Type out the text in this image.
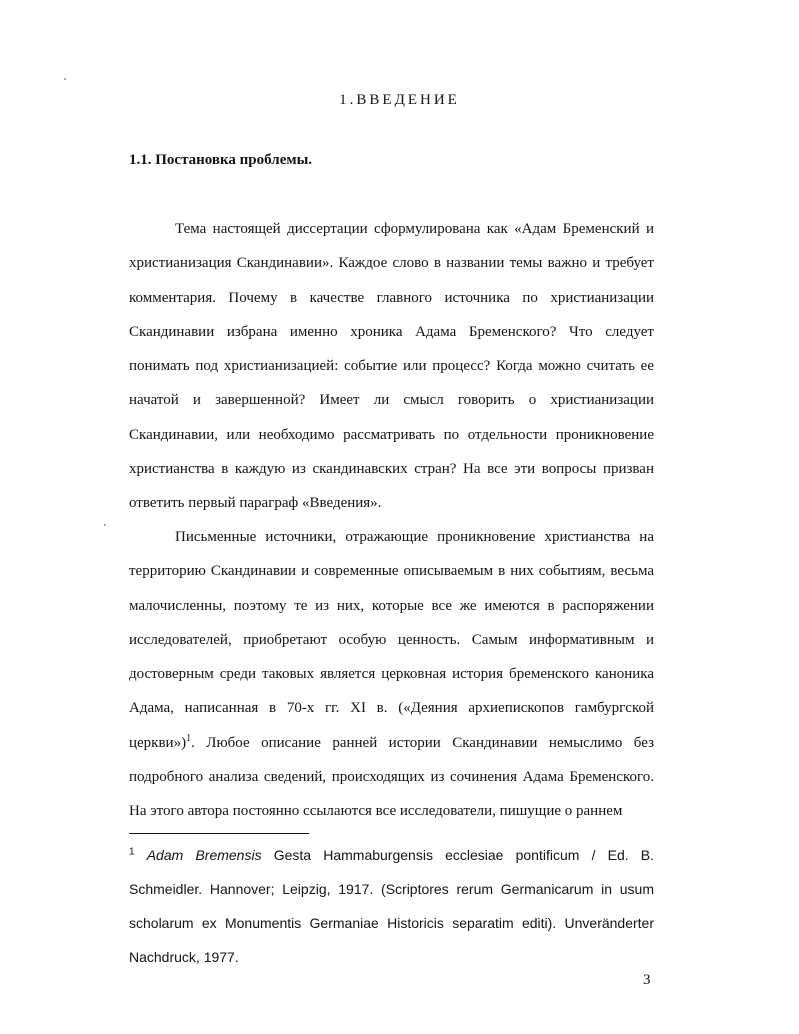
1.ВВЕДЕНИЕ
1.1. Постановка проблемы.

Тема настоящей диссертации сформулирована как «Адам Бременский и христианизация Скандинавии». Каждое слово в названии темы важно и требует комментария. Почему в качестве главного источника по христианизации Скандинавии избрана именно хроника Адама Бременского? Что следует понимать под христианизацией: событие или процесс? Когда можно считать ее начатой и завершенной? Имеет ли смысл говорить о христианизации Скандинавии, или необходимо рассматривать по отдельности проникновение христианства в каждую из скандинавских стран? На все эти вопросы призван ответить первый параграф «Введения».

Письменные источники, отражающие проникновение христианства на территорию Скандинавии и современные описываемым в них событиям, весьма малочисленны, поэтому те из них, которые все же имеются в распоряжении исследователей, приобретают особую ценность. Самым информативным и достоверным среди таковых является церковная история бременского каноника Адама, написанная в 70-х гг. XI в. («Деяния архиепископов гамбургской церкви»)$^1$. Любое описание ранней истории Скандинавии немыслимо без подробного анализа сведений, происходящих из сочинения Адама Бременского. На этого автора постоянно ссылаются все исследователи, пишущие о раннем

$^1$ Adam Bremensis Gesta Hammaburgensis ecclesiae pontificum / Ed. B. Schmeidler. Hannover; Leipzig, 1917. (Scriptores rerum Germanicarum in usum scholarum ex Monumentis Germaniae Historicis separatim editi). Unveränderter Nachdruck, 1977.

3
